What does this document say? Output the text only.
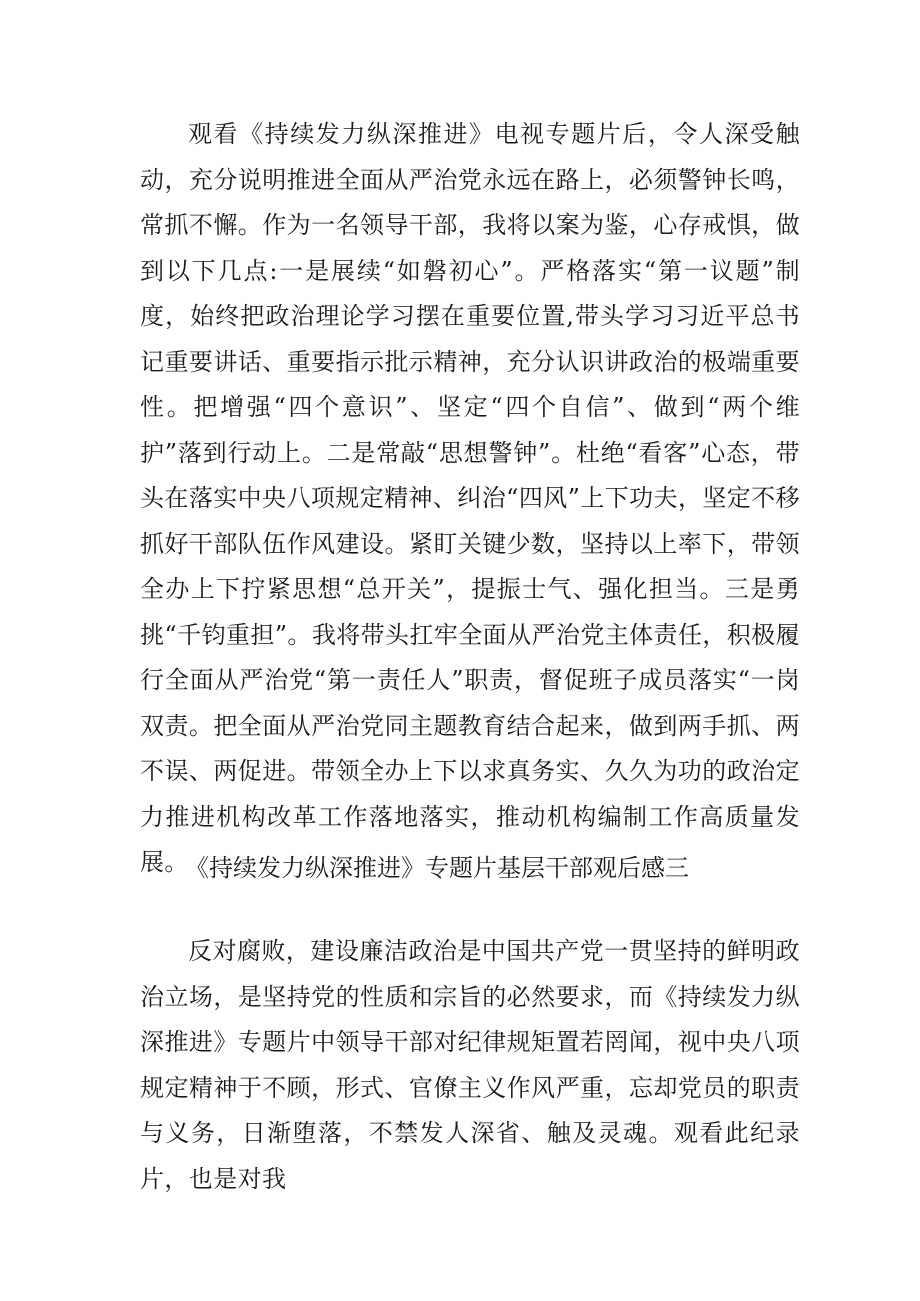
观看《持续发力纵深推进》电视专题片后，令人深受触动，充分说明推进全面从严治党永远在路上，必须警钟长鸣，常抓不懈。作为一名领导干部，我将以案为鉴，心存戒惧，做到以下几点:一是展续“如磐初心”。严格落实“第一议题”制度，始终把政治理论学习摆在重要位置,带头学习习近平总书记重要讲话、重要指示批示精神，充分认识讲政治的极端重要性。把增强“四个意识”、坚定“四个自信”、做到“两个维护”落到行动上。二是常敲“思想警钟”。杜绝“看客”心态，带头在落实中央八项规定精神、纠治“四风”上下功夫，坚定不移抓好干部队伍作风建设。紧盯关键少数，坚持以上率下，带领全办上下拧紧思想“总开关”，提振士气、强化担当。三是勇挑“千钧重担”。我将带头扛牢全面从严治党主体责任，积极履行全面从严治党“第一责任人”职责，督促班子成员落实“一岗双责。把全面从严治党同主题教育结合起来，做到两手抓、两不误、两促进。带领全办上下以求真务实、久久为功的政治定力推进机构改革工作落地落实，推动机构编制工作高质量发展。

《持续发力纵深推进》专题片基层干部观后感三

反对腐败，建设廉洁政治是中国共产党一贯坚持的鲜明政治立场，是坚持党的性质和宗旨的必然要求，而《持续发力纵深推进》专题片中领导干部对纪律规矩置若罔闻，视中央八项规定精神于不顾，形式、官僚主义作风严重，忘却党员的职责与义务，日渐堕落，不禁发人深省、触及灵魂。观看此纪录片，也是对我
